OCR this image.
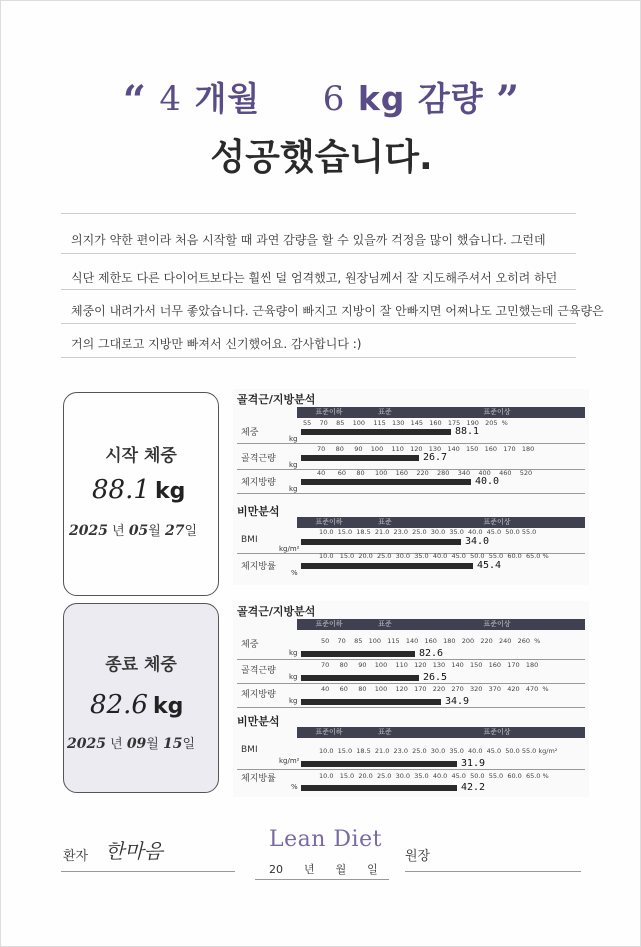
“ 4 개월 6 kg 감량 ”
성공했습니다.
의지가 약한 편이라 처음 시작할 때 과연 감량을 할 수 있을까 걱정을 많이 했습니다. 그런데
식단 제한도 다른 다이어트보다는 훨씬 덜 엄격했고, 원장님께서 잘 지도해주셔서 오히려 하던
체중이 내려가서 너무 좋았습니다. 근육량이 빠지고 지방이 잘 안빠지면 어쩌나도 고민했는데 근육량은
거의 그대로고 지방만 빠져서 신기했어요. 감사합니다 :)
시작 체중
88.1 kg
2025 년 05월 27일
종료 체중
82.6 kg
2025 년 09월 15일
골격근/지방분석
표준이하	표준	표준이상
체중
kg
55 70 85 100 115 130 145 160 175 190 205 %
88.1
골격근량
kg
70 80 90 100 110 120 130 140 150 160 170 180
26.7
체지방량
kg
40 60 80 100 160 220 280 340 400 460 520
40.0
비만분석
표준이하	표준	표준이상
BMI
kg/m²
10.0 15.0 18.5 21.0 23.0 25.0 30.0 35.0 40.0 45.0 50.0 55.0
34.0
체지방률
%
10.0 15.0 20.0 25.0 30.0 35.0 40.0 45.0 50.0 55.0 60.0 65.0 %
45.4
골격근/지방분석
표준이하	표준	표준이상
체중
kg
50 70 85 100 115 140 160 180 200 220 240 260 %
82.6
골격근량
kg
70 80 90 100 110 120 130 140 150 160 170 180
26.5
체지방량
kg
40 60 80 100 120 170 220 270 320 370 420 470 %
34.9
비만분석
표준이하	표준	표준이상
BMI
kg/m²
10.0 15.0 18.5 21.0 23.0 25.0 30.0 35.0 40.0 45.0 50.0 55.0 kg/m²
31.9
체지방률
%
10.0 15.0 20.0 25.0 30.0 35.0 40.0 45.0 50.0 55.0 60.0 65.0 %
42.2
환자 한마음	Lean Diet
20      년      월      일
원장
